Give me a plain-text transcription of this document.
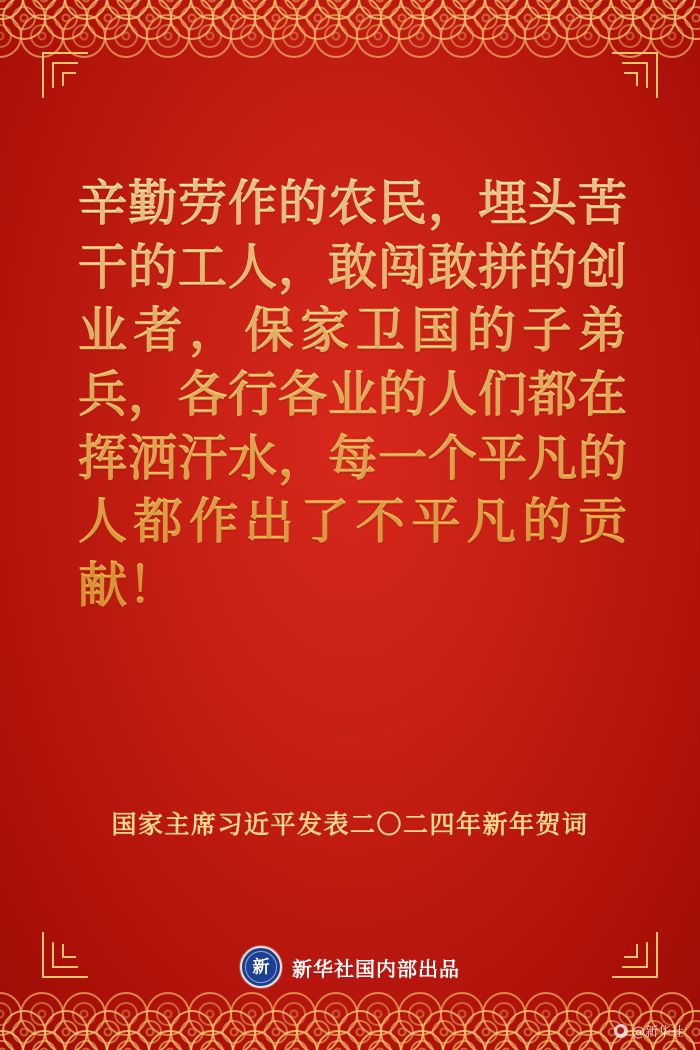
辛勤劳作的农民，埋头苦干的工人，敢闯敢拼的创业者，保家卫国的子弟兵，各行各业的人们都在挥洒汗水，每一个平凡的人都作出了不平凡的贡献！
国家主席习近平发表二〇二四年新年贺词
新 新华社国内部出品
@新华社
